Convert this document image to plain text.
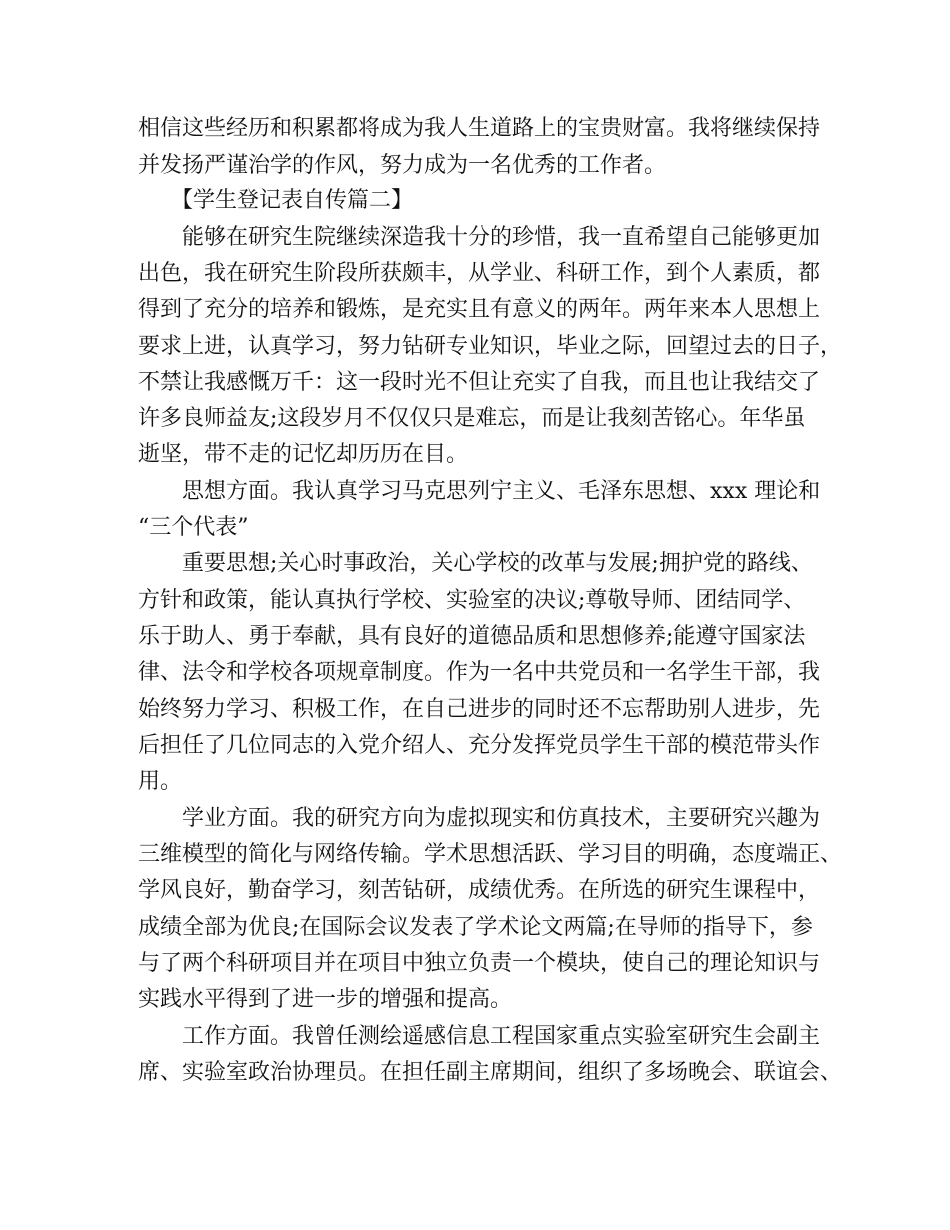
相信这些经历和积累都将成为我人生道路上的宝贵财富。我将继续保持
并发扬严谨治学的作风，努力成为一名优秀的工作者。
　　【学生登记表自传篇二】
　　能够在研究生院继续深造我十分的珍惜，我一直希望自己能够更加
出色，我在研究生阶段所获颇丰，从学业、科研工作，到个人素质，都
得到了充分的培养和锻炼，是充实且有意义的两年。两年来本人思想上
要求上进，认真学习，努力钻研专业知识，毕业之际，回望过去的日子，
不禁让我感慨万千：这一段时光不但让充实了自我，而且也让我结交了
许多良师益友;这段岁月不仅仅只是难忘，而是让我刻苦铭心。年华虽
逝坚，带不走的记忆却历历在目。
　　思想方面。我认真学习马克思列宁主义、毛泽东思想、xxx 理论和
“三个代表”
　　重要思想;关心时事政治，关心学校的改革与发展;拥护党的路线、
方针和政策，能认真执行学校、实验室的决议;尊敬导师、团结同学、
乐于助人、勇于奉献，具有良好的道德品质和思想修养;能遵守国家法
律、法令和学校各项规章制度。作为一名中共党员和一名学生干部，我
始终努力学习、积极工作，在自己进步的同时还不忘帮助别人进步，先
后担任了几位同志的入党介绍人、充分发挥党员学生干部的模范带头作
用。
　　学业方面。我的研究方向为虚拟现实和仿真技术，主要研究兴趣为
三维模型的简化与网络传输。学术思想活跃、学习目的明确，态度端正、
学风良好，勤奋学习，刻苦钻研，成绩优秀。在所选的研究生课程中，
成绩全部为优良;在国际会议发表了学术论文两篇;在导师的指导下，参
与了两个科研项目并在项目中独立负责一个模块，使自己的理论知识与
实践水平得到了进一步的增强和提高。
　　工作方面。我曾任测绘遥感信息工程国家重点实验室研究生会副主
席、实验室政治协理员。在担任副主席期间，组织了多场晚会、联谊会、
